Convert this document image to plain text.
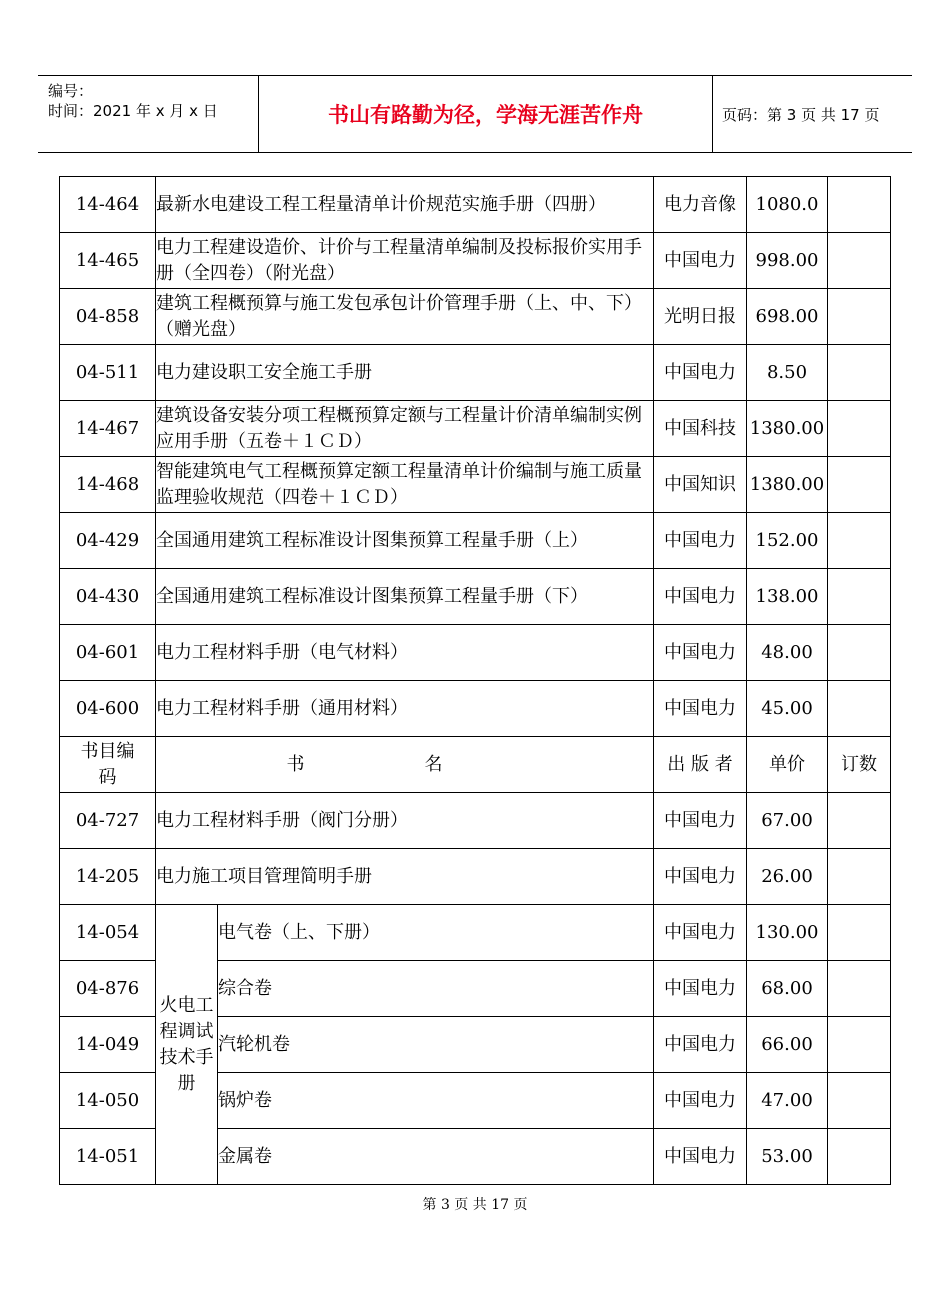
编号：
时间：2021 年 x 月 x 日	书山有路勤为径，学海无涯苦作舟	页码：第 3 页 共 17 页
14-464	最新水电建设工程工程量清单计价规范实施手册（四册）		电力音像	1080.0	
14-465	电力工程建设造价、计价与工程量清单编制及投标报价实用手册（全四卷）（附光盘）		中国电力	998.00	
04-858	建筑工程概预算与施工发包承包计价管理手册（上、中、下）（赠光盘）		光明日报	698.00	
04-511	电力建设职工安全施工手册		中国电力	8.50	
14-467	建筑设备安装分项工程概预算定额与工程量计价清单编制实例应用手册（五卷＋１ＣＤ）		中国科技	1380.00	
14-468	智能建筑电气工程概预算定额工程量清单计价编制与施工质量监理验收规范（四卷＋１ＣＤ）		中国知识	1380.00	
04-429	全国通用建筑工程标准设计图集预算工程量手册（上）		中国电力	152.00	
04-430	全国通用建筑工程标准设计图集预算工程量手册（下）		中国电力	138.00	
04-601	电力工程材料手册（电气材料）		中国电力	48.00	
04-600	电力工程材料手册（通用材料）		中国电力	45.00	
书目编码	书名		出 版 者	单价	订数
04-727	电力工程材料手册（阀门分册）		中国电力	67.00	
14-205	电力施工项目管理简明手册		中国电力	26.00	
14-054	火电工程调试技术手册	电气卷（上、下册）	中国电力	130.00	
04-876		综合卷	中国电力	68.00	
14-049		汽轮机卷	中国电力	66.00	
14-050		锅炉卷	中国电力	47.00	
14-051		金属卷	中国电力	53.00	
第 3 页 共 17 页
